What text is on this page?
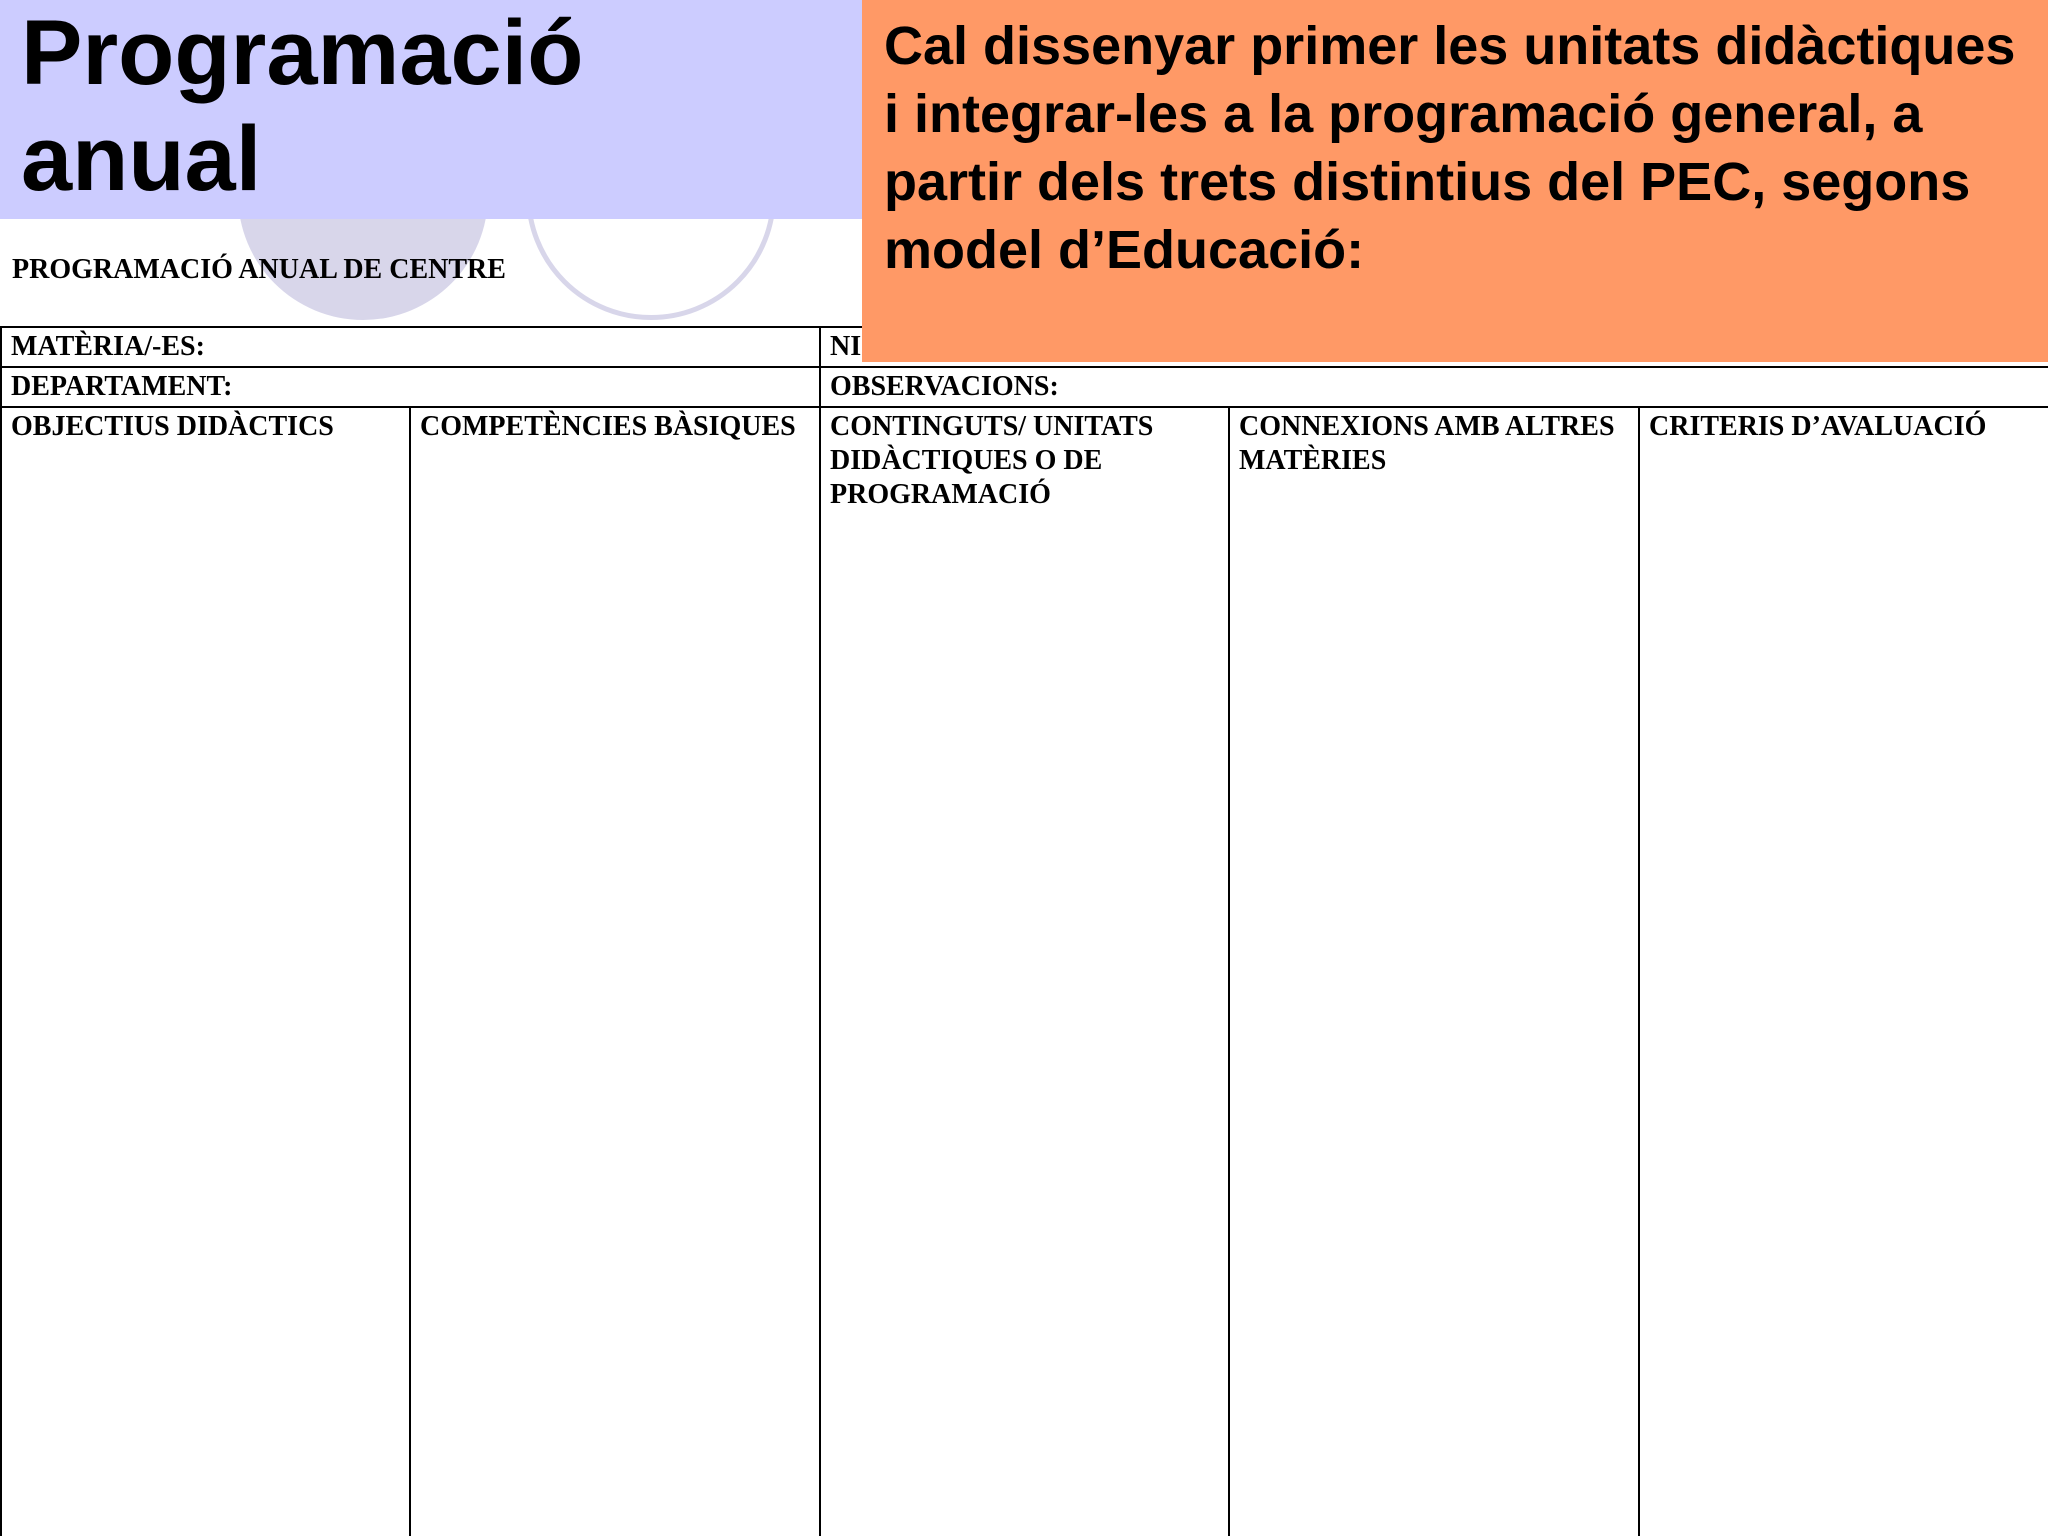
Programació
anual
PROGRAMACIÓ ANUAL DE CENTRE
MATÈRIA/-ES:		NI		
DEPARTAMENT:		OBSERVACIONS:		
OBJECTIUS DIDÀCTICS	COMPETÈNCIES BÀSIQUES	CONTINGUTS/ UNITATS DIDÀCTIQUES O DE PROGRAMACIÓ	CONNEXIONS AMB ALTRES MATÈRIES	CRITERIS D’AVALUACIÓ

Cal dissenyar primer les unitats didàctiques i integrar-les a la programació general, a partir dels trets distintius del PEC, segons model d’Educació:
